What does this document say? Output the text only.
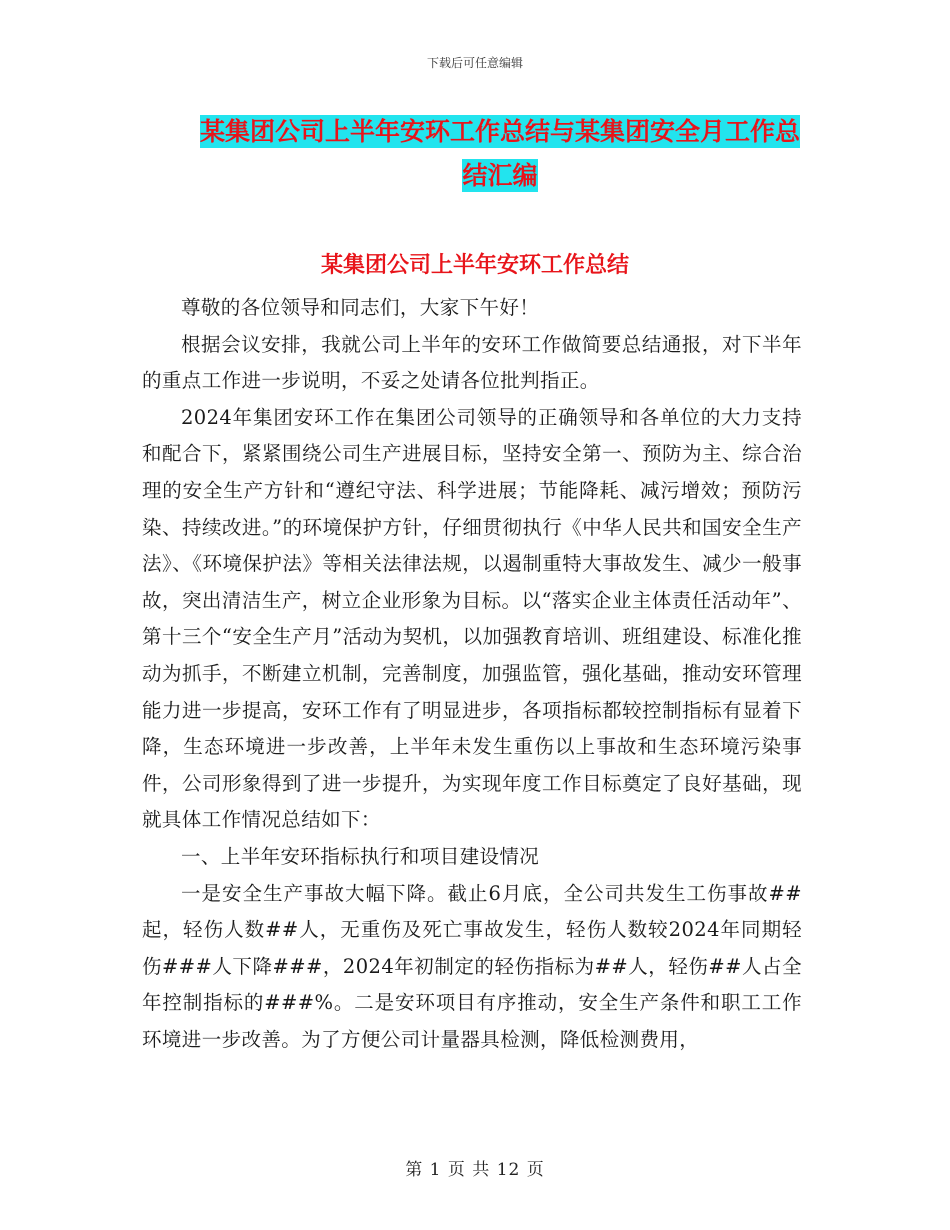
下载后可任意编辑
某集团公司上半年安环工作总结与某集团安全月工作总结汇编
某集团公司上半年安环工作总结

尊敬的各位领导和同志们，大家下午好！

根据会议安排，我就公司上半年的安环工作做简要总结通报，对下半年的重点工作进一步说明，不妥之处请各位批判指正。

2024年集团安环工作在集团公司领导的正确领导和各单位的大力支持和配合下，紧紧围绕公司生产进展目标，坚持安全第一、预防为主、综合治理的安全生产方针和“遵纪守法、科学进展；节能降耗、减污增效；预防污染、持续改进。”的环境保护方针，仔细贯彻执行《中华人民共和国安全生产法》、《环境保护法》等相关法律法规，以遏制重特大事故发生、减少一般事故，突出清洁生产，树立企业形象为目标。以“落实企业主体责任活动年”、第十三个“安全生产月”活动为契机，以加强教育培训、班组建设、标准化推动为抓手，不断建立机制，完善制度，加强监管，强化基础，推动安环管理能力进一步提高，安环工作有了明显进步，各项指标都较控制指标有显着下降，生态环境进一步改善，上半年未发生重伤以上事故和生态环境污染事件，公司形象得到了进一步提升，为实现年度工作目标奠定了良好基础，现就具体工作情况总结如下：

一、上半年安环指标执行和项目建设情况

一是安全生产事故大幅下降。截止6月底，全公司共发生工伤事故##起，轻伤人数##人，无重伤及死亡事故发生，轻伤人数较2024年同期轻伤###人下降###，2024年初制定的轻伤指标为##人，轻伤##人占全年控制指标的###%。二是安环项目有序推动，安全生产条件和职工工作环境进一步改善。为了方便公司计量器具检测，降低检测费用，

第 1 页 共 12 页
